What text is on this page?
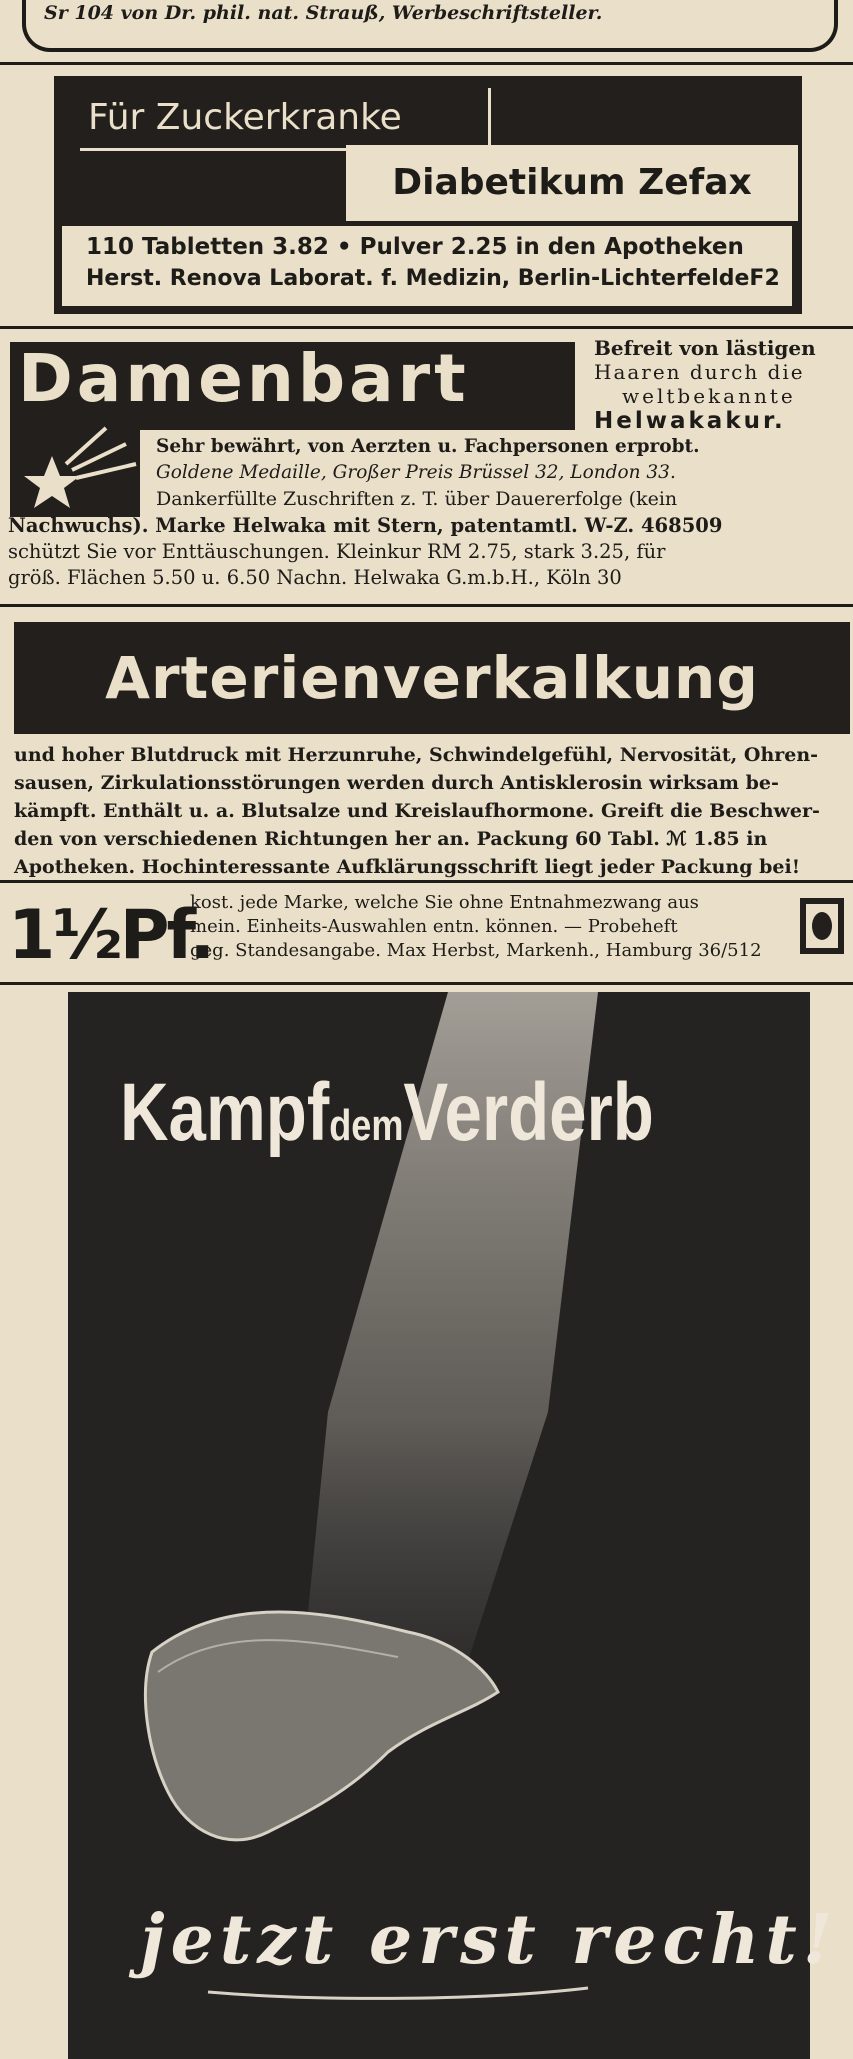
Sr 104 von Dr. phil. nat. Strauß, Werbeschriftsteller.
Für Zuckerkranke
Diabetikum Zefax
110 Tabletten 3.82 • Pulver 2.25 in den Apotheken
Herst. Renova Laborat. f. Medizin, Berlin-LichterfeldeF2
Damenbart	Befreit von lästigen
Haaren durch die
weltbekannte
Helwakakur.
Sehr bewährt, von Aerzten u. Fachpersonen erprobt.
Goldene Medaille, Großer Preis Brüssel 32, London 33.
Dankerfüllte Zuschriften z. T. über Dauererfolge (kein
Nachwuchs). Marke Helwaka mit Stern, patentamtl. W-Z. 468509
schützt Sie vor Enttäuschungen. Kleinkur RM 2.75, stark 3.25, für
größ. Flächen 5.50 u. 6.50 Nachn. Helwaka G.m.b.H., Köln 30
Arterienverkalkung
und hoher Blutdruck mit Herzunruhe, Schwindelgefühl, Nervosität, Ohren-
sausen, Zirkulationsstörungen werden durch Antisklerosin wirksam be-
kämpft. Enthält u. a. Blutsalze und Kreislaufhormone. Greift die Beschwer-
den von verschiedenen Richtungen her an. Packung 60 Tabl. ℳ 1.85 in
Apotheken. Hochinteressante Aufklärungsschrift liegt jeder Packung bei!
1½Pf.
kost. jede Marke, welche Sie ohne Entnahmezwang aus
mein. Einheits-Auswahlen entn. können. — Probeheft
geg. Standesangabe. Max Herbst, Markenh., Hamburg 36/512
KampfdemVerderb
jetzt erst recht!
